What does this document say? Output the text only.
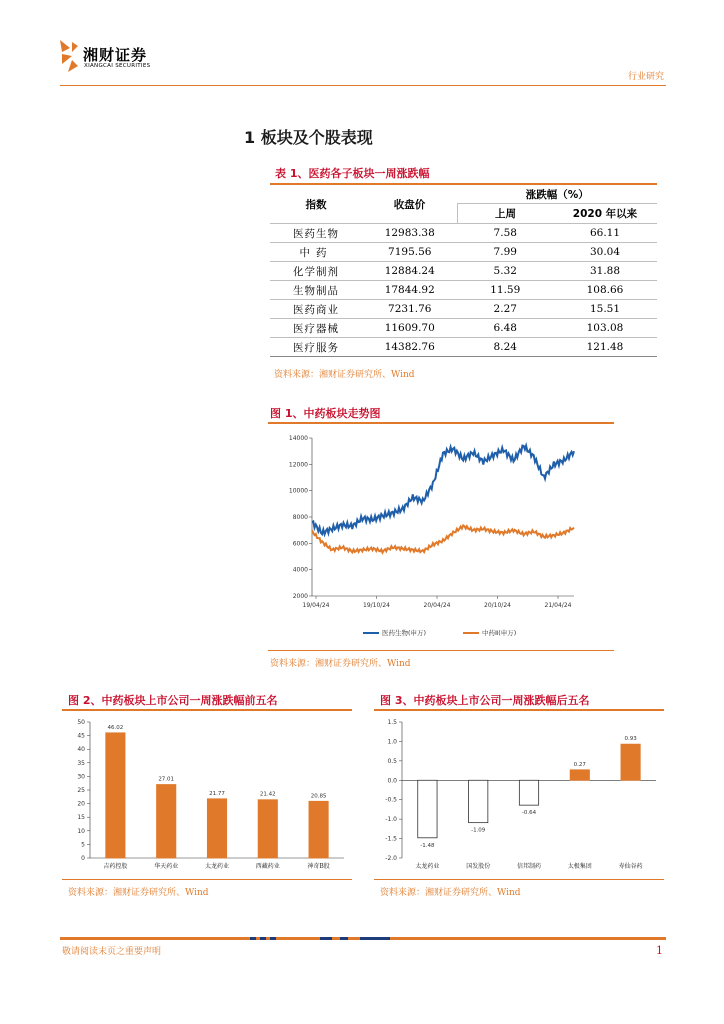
湘财证券
XIANGCAI SECURITIES
行业研究
1 板块及个股表现
表 1、医药各子板块一周涨跌幅
指数	收盘价	涨跌幅（%）	
		上周	2020 年以来
医药生物	12983.38	7.58	66.11
中药	7195.56	7.99	30.04
化学制剂	12884.24	5.32	31.88
生物制品	17844.92	11.59	108.66
医药商业	7231.76	2.27	15.51
医疗器械	11609.70	6.48	103.08
医疗服务	14382.76	8.24	121.48
资料来源：湘财证券研究所、Wind
图 1、中药板块走势图
2000
4000
6000
8000
10000
12000
14000
19/04/24	19/10/24	20/04/24	20/10/24	21/04/24
医药生物(申万)	中药Ⅱ(申万)
资料来源：湘财证券研究所、Wind
图 2、中药板块上市公司一周涨跌幅前五名
0
5
10
15
20
25
30
35
40
45
50
46.02
吉药控股
27.01
华天药业
21.77
太龙药业
21.42
西藏药业
20.85
神奇B股
资料来源：湘财证券研究所、Wind
图 3、中药板块上市公司一周涨跌幅后五名
-2.0
-1.5
-1.0
-0.5
0.0
0.5
1.0
1.5
-1.48
太龙药业
-1.09
国发股份
-0.64
信邦制药
0.27
太极集团
0.93
寿仙谷药
资料来源：湘财证券研究所、Wind
敬请阅读末页之重要声明	1
